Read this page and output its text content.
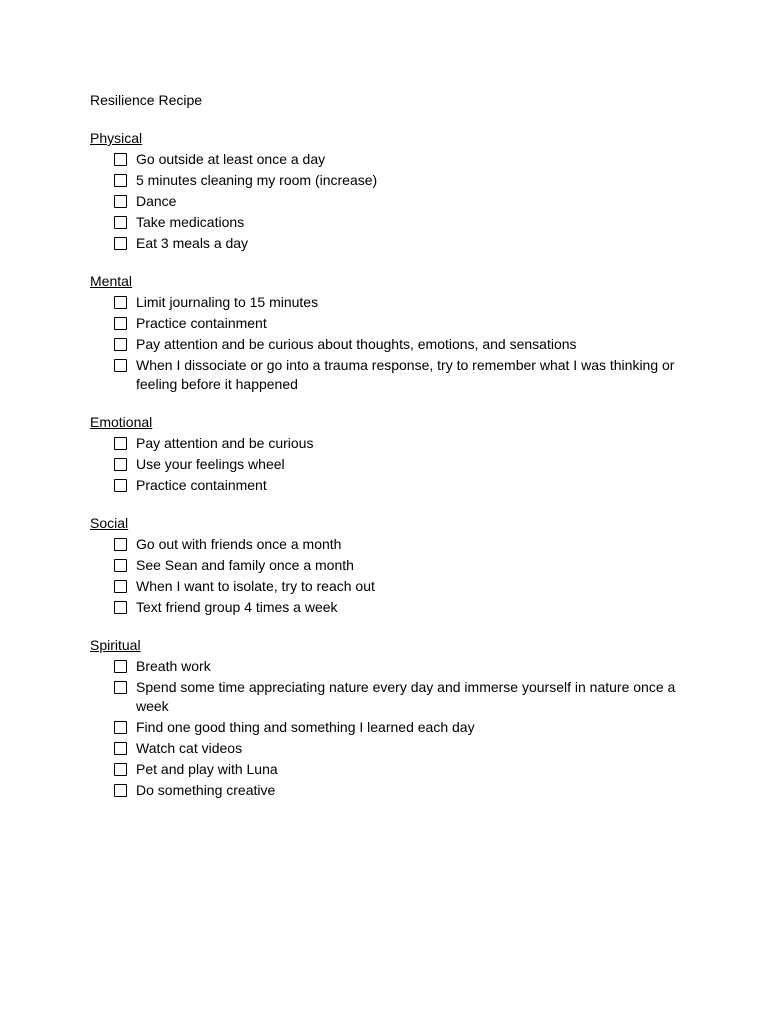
Resilience Recipe
Physical
Go outside at least once a day
5 minutes cleaning my room (increase)
Dance
Take medications
Eat 3 meals a day
Mental
Limit journaling to 15 minutes
Practice containment
Pay attention and be curious about thoughts, emotions, and sensations
When I dissociate or go into a trauma response, try to remember what I was thinking or feeling before it happened
Emotional
Pay attention and be curious
Use your feelings wheel
Practice containment
Social
Go out with friends once a month
See Sean and family once a month
When I want to isolate, try to reach out
Text friend group 4 times a week
Spiritual
Breath work
Spend some time appreciating nature every day and immerse yourself in nature once a week
Find one good thing and something I learned each day
Watch cat videos
Pet and play with Luna
Do something creative
